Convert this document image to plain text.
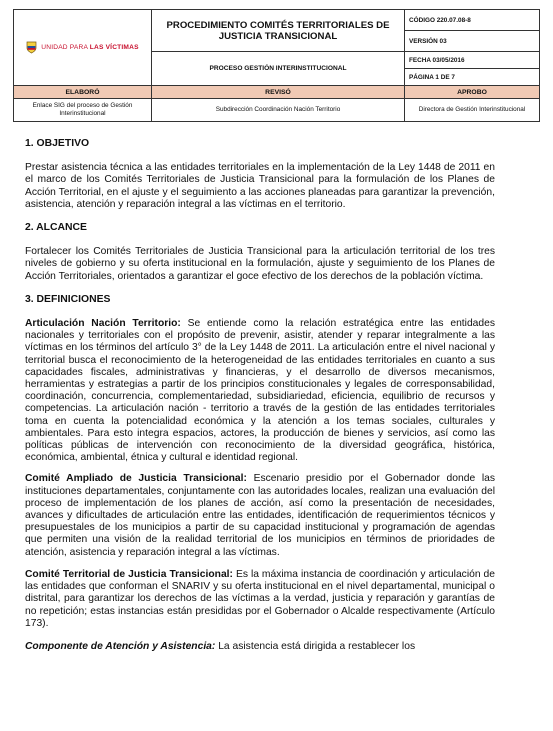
UNIDAD PARA LAS VÍCTIMAS	PROCEDIMIENTO COMITÉS TERRITORIALES DE JUSTICIA TRANSICIONAL	CÓDIGO 220.07.08-8
		VERSIÓN 03
	PROCESO GESTIÓN INTERINSTITUCIONAL	FECHA 03/05/2016
		PÁGINA 1 DE 7
ELABORÓ	REVISÓ	APROBO
Enlace SIG del proceso de Gestión Interinstitucional	Subdirección Coordinación Nación Territorio	Directora de Gestión Interinstitucional
1. OBJETIVO

Prestar asistencia técnica a las entidades territoriales en la implementación de la Ley 1448 de 2011 en el marco de los Comités Territoriales de Justicia Transicional para la formulación de los Planes de Acción Territorial, en el ajuste y el seguimiento a las acciones planeadas para garantizar la prevención, asistencia, atención y reparación integral a las víctimas en el territorio.

2. ALCANCE

Fortalecer los Comités Territoriales de Justicia Transicional para la articulación territorial de los tres niveles de gobierno y su oferta institucional en la formulación, ajuste y seguimiento de los Planes de Acción Territoriales, orientados a garantizar el goce efectivo de los derechos de la población víctima.

3. DEFINICIONES

Articulación Nación Territorio: Se entiende como la relación estratégica entre las entidades nacionales y territoriales con el propósito de prevenir, asistir, atender y reparar integralmente a las víctimas en los términos del artículo 3° de la Ley 1448 de 2011. La articulación entre el nivel nacional y territorial busca el reconocimiento de la heterogeneidad de las entidades territoriales en cuanto a sus capacidades fiscales, administrativas y financieras, y el desarrollo de diversos mecanismos, herramientas y estrategias a partir de los principios constitucionales y legales de corresponsabilidad, coordinación, concurrencia, complementariedad, subsidiariedad, eficiencia, equilibrio de recursos y competencias. La articulación nación - territorio a través de la gestión de las entidades territoriales toma en cuenta la potencialidad económica y la atención a los temas sociales, culturales y ambientales. Para esto integra espacios, actores, la producción de bienes y servicios, así como las políticas públicas de intervención con reconocimiento de la diversidad geográfica, histórica, económica, ambiental, étnica y cultural e identidad regional.

Comité Ampliado de Justicia Transicional: Escenario presidio por el Gobernador donde las instituciones departamentales, conjuntamente con las autoridades locales, realizan una evaluación del proceso de implementación de los planes de acción, así como la presentación de necesidades, avances y dificultades de articulación entre las entidades, identificación de requerimientos técnicos y presupuestales de los municipios a partir de su capacidad institucional y programación de agendas que permiten una visión de la realidad territorial de los municipios en términos de prioridades de atención, asistencia y reparación integral a las víctimas.

Comité Territorial de Justicia Transicional: Es la máxima instancia de coordinación y articulación de las entidades que conforman el SNARIV y su oferta institucional en el nivel departamental, municipal o distrital, para garantizar los derechos de las víctimas a la verdad, justicia y reparación y garantías de no repetición; estas instancias están presididas por el Gobernador o Alcalde respectivamente (Artículo 173).

Componente de Atención y Asistencia: La asistencia está dirigida a restablecer los
